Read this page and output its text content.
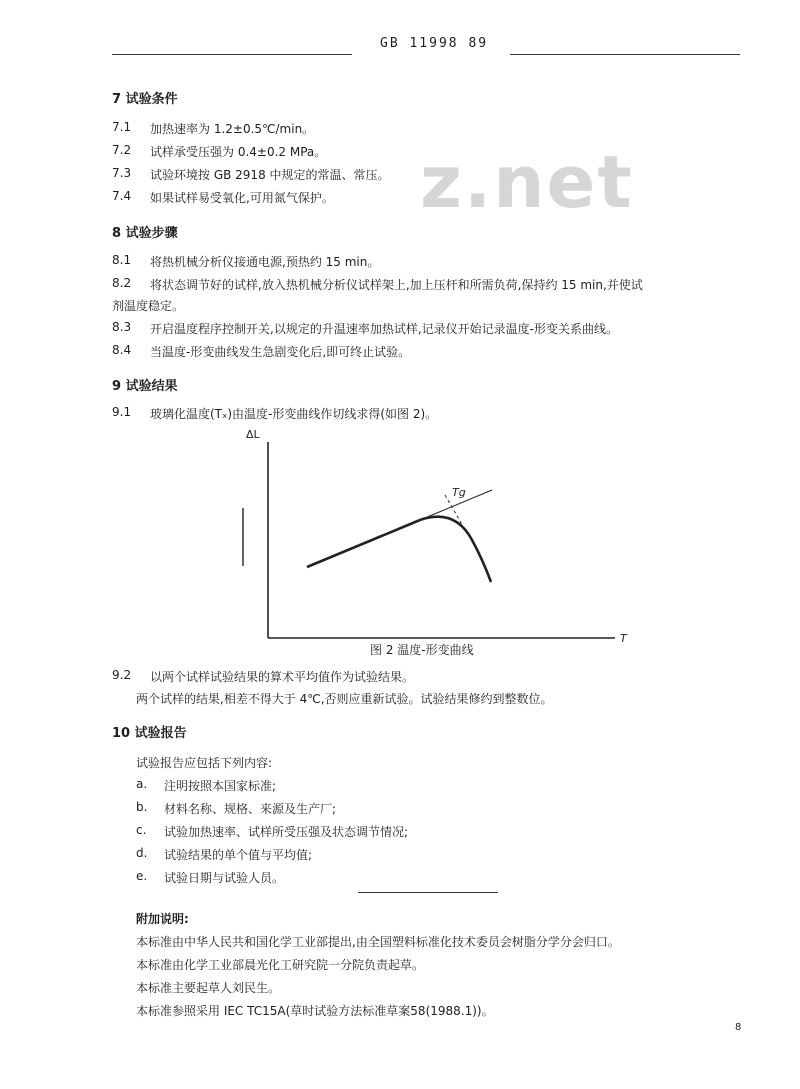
GB 11998 89
z.net
7 试验条件
7.1 加热速率为 1.2±0.5℃/min。
7.2 试样承受压强为 0.4±0.2 MPa。
7.3 试验环境按 GB 2918 中规定的常温、常压。
7.4 如果试样易受氧化,可用氮气保护。
8 试验步骤
8.1 将热机械分析仪接通电源,预热约 15 min。
8.2 将状态调节好的试样,放入热机械分析仪试样架上,加上压杆和所需负荷,保持约 15 min,并使试
剂温度稳定。
8.3 开启温度程序控制开关,以规定的升温速率加热试样,记录仪开始记录温度-形变关系曲线。
8.4 当温度-形变曲线发生急剧变化后,即可终止试验。
9 试验结果
9.1 玻璃化温度(Tₓ)由温度-形变曲线作切线求得(如图 2)。
ΔL
Tg
T
图 2 温度-形变曲线
9.2 以两个试样试验结果的算术平均值作为试验结果。
两个试样的结果,相差不得大于 4℃,否则应重新试验。试验结果修约到整数位。
10 试验报告
试验报告应包括下列内容:
a. 注明按照本国家标准;
b. 材料名称、规格、来源及生产厂;
c. 试验加热速率、试样所受压强及状态调节情况;
d. 试验结果的单个值与平均值;
e. 试验日期与试验人员。
附加说明:
本标准由中华人民共和国化学工业部提出,由全国塑料标准化技术委员会树脂分学分会归口。
本标准由化学工业部晨光化工研究院一分院负责起草。
本标准主要起草人刘民生。
本标准参照采用 IEC TC15A(草时试验方法标准草案58(1988.1))。
8
